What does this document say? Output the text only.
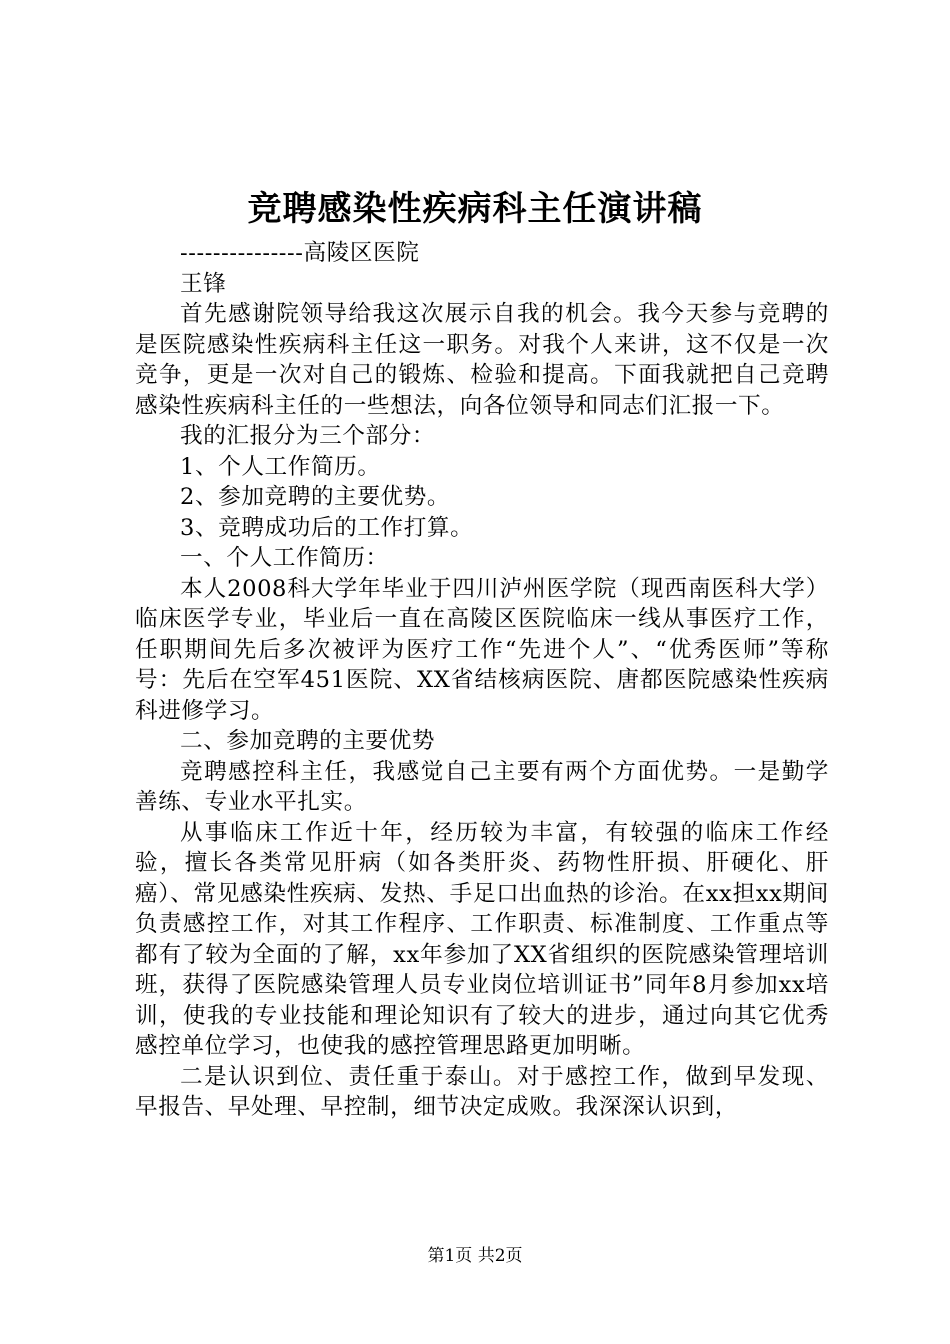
竞聘感染性疾病科主任演讲稿

---------------高陵区医院

王锋

首先感谢院领导给我这次展示自我的机会。我今天参与竞聘的是医院感染性疾病科主任这一职务。对我个人来讲，这不仅是一次竞争，更是一次对自己的锻炼、检验和提高。下面我就把自己竞聘感染性疾病科主任的一些想法，向各位领导和同志们汇报一下。

我的汇报分为三个部分：

1、个人工作简历。

2、参加竞聘的主要优势。

3、竞聘成功后的工作打算。

一、个人工作简历：

本人2008科大学年毕业于四川泸州医学院（现西南医科大学）临床医学专业，毕业后一直在高陵区医院临床一线从事医疗工作，任职期间先后多次被评为医疗工作“先进个人”、“优秀医师”等称号：先后在空军451医院、XX省结核病医院、唐都医院感染性疾病科进修学习。

二、参加竞聘的主要优势

竞聘感控科主任，我感觉自己主要有两个方面优势。一是勤学善练、专业水平扎实。

从事临床工作近十年，经历较为丰富，有较强的临床工作经验，擅长各类常见肝病（如各类肝炎、药物性肝损、肝硬化、肝癌）、常见感染性疾病、发热、手足口出血热的诊治。在xx担xx期间负责感控工作，对其工作程序、工作职责、标准制度、工作重点等都有了较为全面的了解，xx年参加了XX省组织的医院感染管理培训班，获得了医院感染管理人员专业岗位培训证书”同年8月参加xx培训，使我的专业技能和理论知识有了较大的进步，通过向其它优秀感控单位学习，也使我的感控管理思路更加明晰。

二是认识到位、责任重于泰山。对于感控工作，做到早发现、早报告、早处理、早控制，细节决定成败。我深深认识到，

第1页 共2页
